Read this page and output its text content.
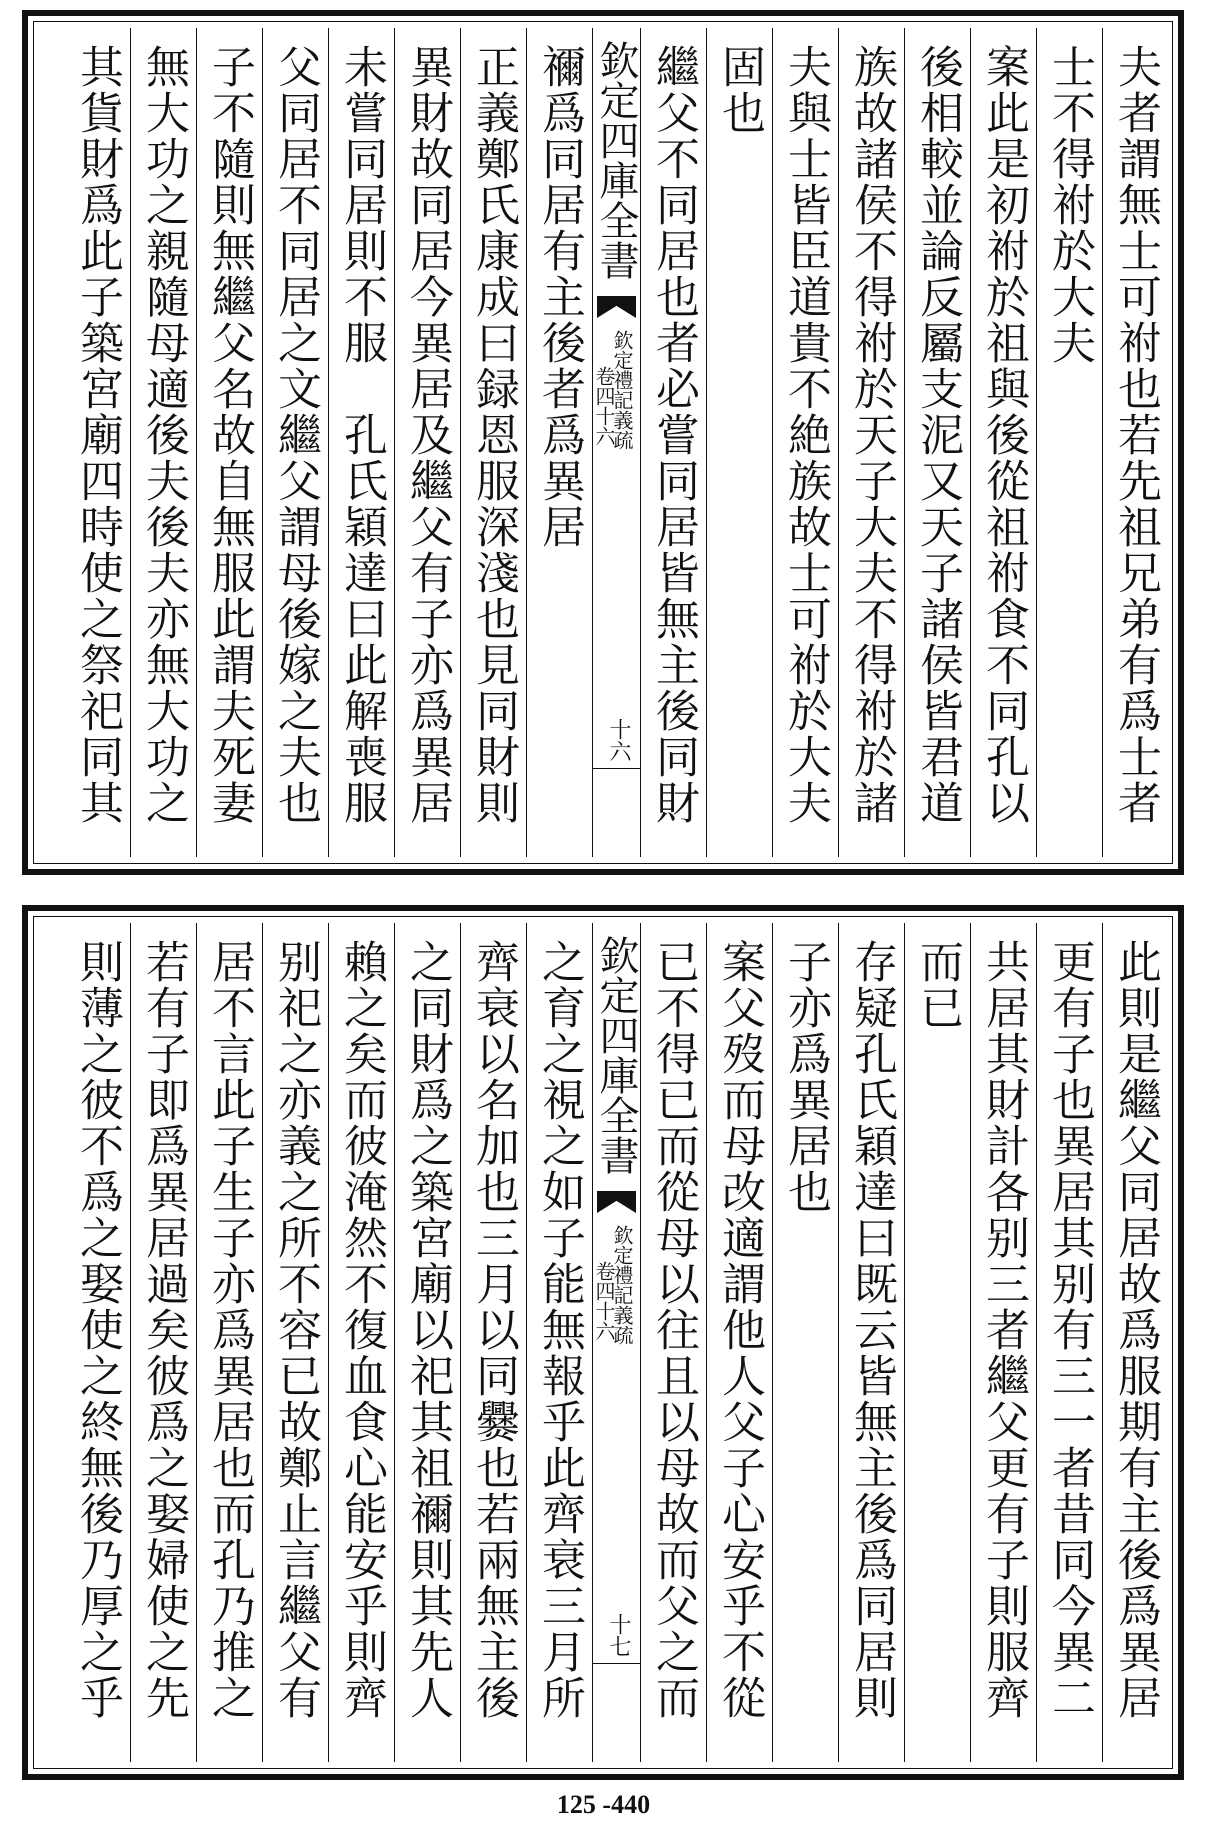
夫者謂無士可祔也若先祖兄弟有爲士者
士不得祔於大夫
案此是初祔於祖與後從祖祔食不同孔以
後相較並論反屬支泥又天子諸侯皆君道
族故諸侯不得祔於天子大夫不得祔於諸
夫與士皆臣道貴不絶族故士可祔於大夫
固也
繼父不同居也者必嘗同居皆無主後同財
欽定四庫全書
欽定禮記義疏
卷四十六
十六
禰爲同居有主後者爲異居
正義鄭氏康成曰録恩服深淺也見同財則
異財故同居今異居及繼父有子亦爲異居
未嘗同居則不服　孔氏穎達曰此解喪服
父同居不同居之文繼父謂母後嫁之夫也
子不隨則無繼父名故自無服此謂夫死妻
無大功之親隨母適後夫後夫亦無大功之
其貨財爲此子築宮廟四時使之祭祀同其
此則是繼父同居故爲服期有主後爲異居
更有子也異居其别有三一者昔同今異二
共居其財計各别三者繼父更有子則服齊
而已
存疑孔氏穎達曰既云皆無主後爲同居則
子亦爲異居也
案父歿而母改適謂他人父子心安乎不從
已不得已而從母以往且以母故而父之而
欽定四庫全書
欽定禮記義疏
卷四十六
十七
之育之視之如子能無報乎此齊衰三月所
齊衰以名加也三月以同爨也若兩無主後
之同財爲之築宮廟以祀其祖禰則其先人
賴之矣而彼淹然不復血食心能安乎則齊
别祀之亦義之所不容已故鄭止言繼父有
居不言此子生子亦爲異居也而孔乃推之
若有子即爲異居過矣彼爲之娶婦使之先
則薄之彼不爲之娶使之終無後乃厚之乎
125 -440
